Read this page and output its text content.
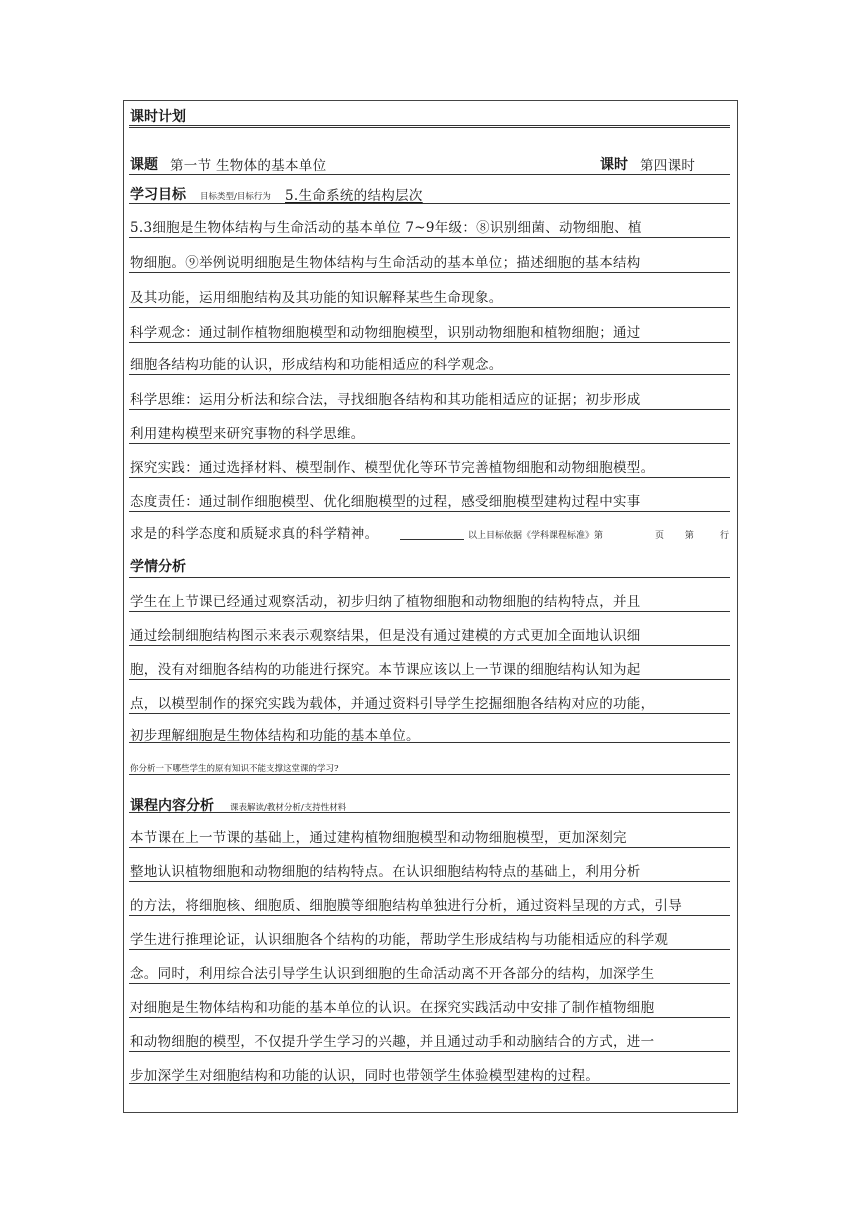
课时计划
课题 第一节 生物体的基本单位	课时 第四课时
学习目标 目标类型/目标行为 5.生命系统的结构层次
5.3细胞是生物体结构与生命活动的基本单位 7~9年级：⑧识别细菌、动物细胞、植
物细胞。⑨举例说明细胞是生物体结构与生命活动的基本单位；描述细胞的基本结构
及其功能，运用细胞结构及其功能的知识解释某些生命现象。
科学观念：通过制作植物细胞模型和动物细胞模型，识别动物细胞和植物细胞；通过
细胞各结构功能的认识，形成结构和功能相适应的科学观念。
科学思维：运用分析法和综合法，寻找细胞各结构和其功能相适应的证据；初步形成
利用建构模型来研究事物的科学思维。
探究实践：通过选择材料、模型制作、模型优化等环节完善植物细胞和动物细胞模型。
态度责任：通过制作细胞模型、优化细胞模型的过程，感受细胞模型建构过程中实事
求是的科学态度和质疑求真的科学精神。	以上目标依据《学科课程标准》第	页 第	行
学情分析
学生在上节课已经通过观察活动，初步归纳了植物细胞和动物细胞的结构特点，并且
通过绘制细胞结构图示来表示观察结果，但是没有通过建模的方式更加全面地认识细
胞，没有对细胞各结构的功能进行探究。本节课应该以上一节课的细胞结构认知为起
点，以模型制作的探究实践为载体，并通过资料引导学生挖掘细胞各结构对应的功能，
初步理解细胞是生物体结构和功能的基本单位。
你分析一下哪些学生的原有知识不能支撑这堂课的学习?
课程内容分析 课表解读/教材分析/支持性材料
本节课在上一节课的基础上，通过建构植物细胞模型和动物细胞模型，更加深刻完
整地认识植物细胞和动物细胞的结构特点。在认识细胞结构特点的基础上，利用分析
的方法，将细胞核、细胞质、细胞膜等细胞结构单独进行分析，通过资料呈现的方式，引导
学生进行推理论证，认识细胞各个结构的功能，帮助学生形成结构与功能相适应的科学观
念。同时，利用综合法引导学生认识到细胞的生命活动离不开各部分的结构，加深学生
对细胞是生物体结构和功能的基本单位的认识。在探究实践活动中安排了制作植物细胞
和动物细胞的模型，不仅提升学生学习的兴趣，并且通过动手和动脑结合的方式，进一
步加深学生对细胞结构和功能的认识，同时也带领学生体验模型建构的过程。
